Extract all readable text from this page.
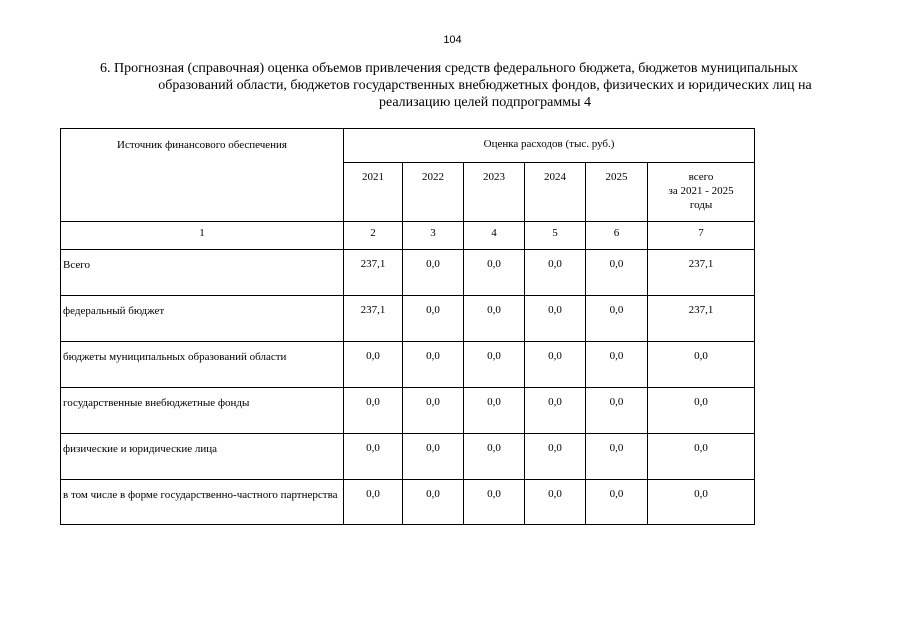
104
6. Прогнозная (справочная) оценка объемов привлечения средств федерального бюджета, бюджетов муниципальных
образований области, бюджетов государственных внебюджетных фондов, физических и юридических лиц на
реализацию целей подпрограммы 4
Источник финансового обеспечения	Оценка расходов (тыс. руб.)					
	2021	2022	2023	2024	2025	всего
за 2021 - 2025
годы
1	2	3	4	5	6	7
Всего	237,1	0,0	0,0	0,0	0,0	237,1
федеральный бюджет	237,1	0,0	0,0	0,0	0,0	237,1
бюджеты муниципальных образований области	0,0	0,0	0,0	0,0	0,0	0,0
государственные внебюджетные фонды	0,0	0,0	0,0	0,0	0,0	0,0
физические и юридические лица	0,0	0,0	0,0	0,0	0,0	0,0
в том числе в форме государственно-частного партнерства	0,0	0,0	0,0	0,0	0,0	0,0
